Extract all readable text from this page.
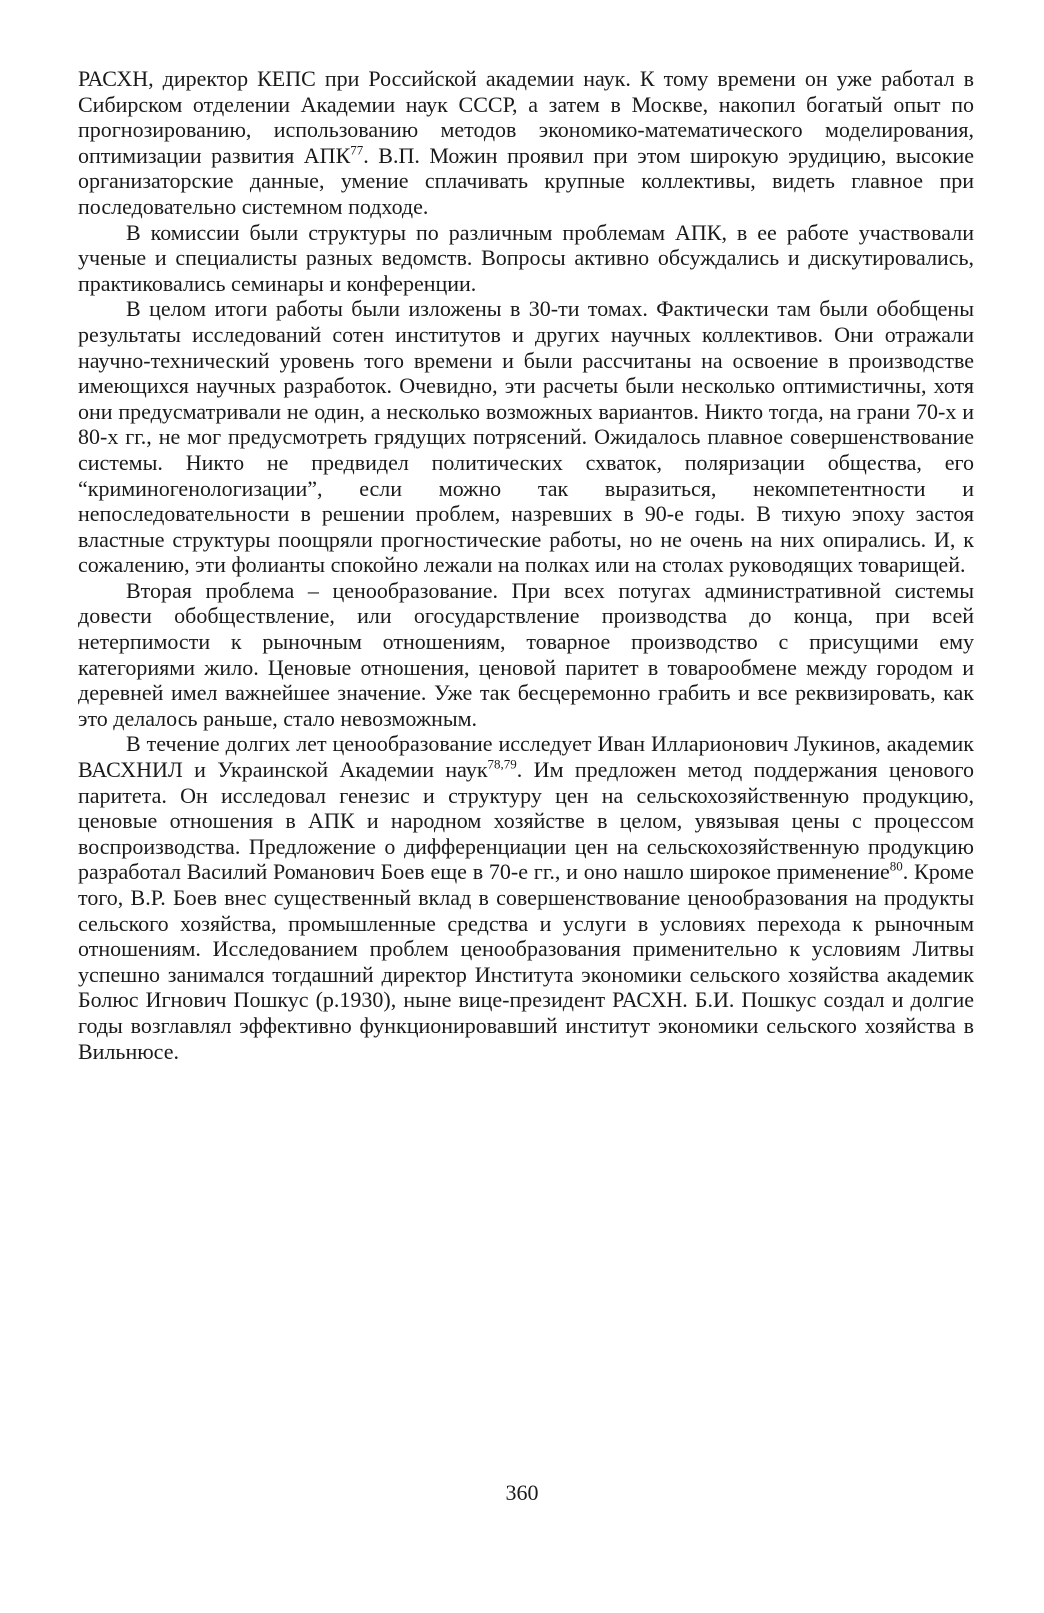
РАСХН, директор КЕПС при Российской академии наук. К тому времени он уже работал в Сибирском отделении Академии наук СССР, а затем в Москве, накопил богатый опыт по прогнозированию, использованию методов экономико-математического моделирования, оптимизации развития АПК$^{77}$. В.П. Можин проявил при этом широкую эрудицию, высокие организаторские данные, умение сплачивать крупные коллективы, видеть главное при последовательно системном подходе.

В комиссии были структуры по различным проблемам АПК, в ее работе участвовали ученые и специалисты разных ведомств. Вопросы активно обсуждались и дискутировались, практиковались семинары и конференции.

В целом итоги работы были изложены в 30-ти томах. Фактически там были обобщены результаты исследований сотен институтов и других научных коллективов. Они отражали научно-технический уровень того времени и были рассчитаны на освоение в производстве имеющихся научных разработок. Очевидно, эти расчеты были несколько оптимистичны, хотя они предусматривали не один, а несколько возможных вариантов. Никто тогда, на грани 70-х и 80-х гг., не мог предусмотреть грядущих потрясений. Ожидалось плавное совершенствование системы. Никто не предвидел политических схваток, поляризации общества, его “криминогенологизации”, если можно так выразиться, некомпетентности и непоследовательности в решении проблем, назревших в 90-е годы. В тихую эпоху застоя властные структуры поощряли прогностические работы, но не очень на них опирались. И, к сожалению, эти фолианты спокойно лежали на полках или на столах руководящих товарищей.

Вторая проблема – ценообразование. При всех потугах административной системы довести обобществление, или огосударствление производства до конца, при всей нетерпимости к рыночным отношениям, товарное производство с присущими ему категориями жило. Ценовые отношения, ценовой паритет в товарообмене между городом и деревней имел важнейшее значение. Уже так бесцеремонно грабить и все реквизировать, как это делалось раньше, стало невозможным.

В течение долгих лет ценообразование исследует Иван Илларионович Лукинов, академик ВАСХНИЛ и Украинской Академии наук$^{78,79}$. Им предложен метод поддержания ценового паритета. Он исследовал генезис и структуру цен на сельскохозяйственную продукцию, ценовые отношения в АПК и народном хозяйстве в целом, увязывая цены с процессом воспроизводства. Предложение о дифференциации цен на сельскохозяйственную продукцию разработал Василий Романович Боев еще в 70-е гг., и оно нашло широкое применение$^{80}$. Кроме того, В.Р. Боев внес существенный вклад в совершенствование ценообразования на продукты сельского хозяйства, промышленные средства и услуги в условиях перехода к рыночным отношениям. Исследованием проблем ценообразования применительно к условиям Литвы успешно занимался тогдашний директор Института экономики сельского хозяйства академик Болюс Игнович Пошкус (р.1930), ныне вице-президент РАСХН. Б.И. Пошкус создал и долгие годы возглавлял эффективно функционировавший институт экономики сельского хозяйства в Вильнюсе.

360
